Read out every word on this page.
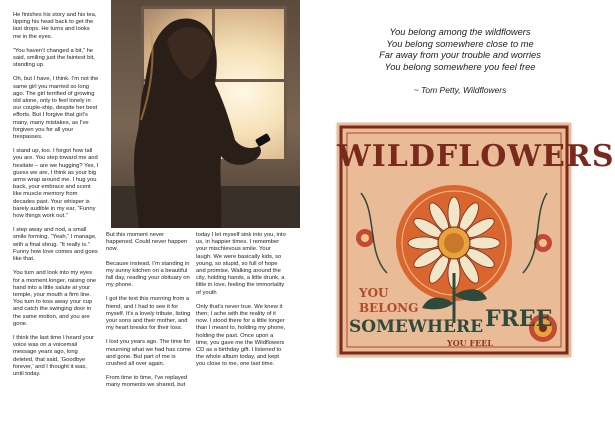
He finishes his story and his tea, tipping his head back to get the last drops. He turns and looks me in the eyes.

“You haven’t changed a bit,” he said, smiling just the faintest bit, standing up.

Oh, but I have, I think. I’m not the same girl you married so long ago. The girl terrified of growing old alone, only to feel lonely in our couple-ship, despite her best efforts. But I forgive that girl’s many, many mistakes, as I’ve forgiven you for all your trespasses.

I stand up, too. I forgot how tall you are. You step toward me and hesitate – are we hugging? Yes, I guess we are, I think as your big arms wrap around me. I hug you back, your embrace and scent like muscle memory from decades past. Your whisper is barely audible in my ear, “Funny how things work out.”

I step away and nod, a small smile forming. “Yeah,” I manage, with a final shrug. “It really is.” Funny how love comes and goes like that.

You turn and look into my eyes for a moment longer, raising one hand into a little salute at your temple, your mouth a firm line. You turn to toss away your cup and catch the swinging door in the same motion, and you are gone.

I think the last time I heard your voice was on a voicemail message years ago, long deleted, that said, ‘Goodbye forever,’ and I thought it was, until today.

But this moment never happened. Could never happen now.

Because instead, I’m standing in my sunny kitchen on a beautiful fall day, reading your obituary on my phone.

I got the text this morning from a friend, and I had to see it for myself. It’s a lovely tribute, listing your sons and their mother, and my heart breaks for their loss.

I lost you years ago. The time for mourning what we had has come and gone. But part of me is crushed all over again.

From time to time, I’ve replayed many moments we shared, but

today I let myself sink into you, into us, in happier times. I remember your mischievous smile. Your laugh. We were basically kids, so young, so stupid, so full of hope and promise. Walking around the city, holding hands, a little drunk, a little in love, feeling the immortality of youth

Only that’s never true. We knew it then; I ache with the reality of it now. I stood there for a little longer than I meant to, holding my phone, holding the past. Once upon a time, you gave me the Wildflowers CD as a birthday gift. I listened to the whole album today, and kept you close to me, one last time.

You belong among the wildflowers
You belong somewhere close to me
Far away from your trouble and worries
You belong somewhere you feel free
~ Tom Petty, Wildflowers
WILDFLOWERS
YOU
BELONG
SOMEWHERE
YOU FEEL
FREE
